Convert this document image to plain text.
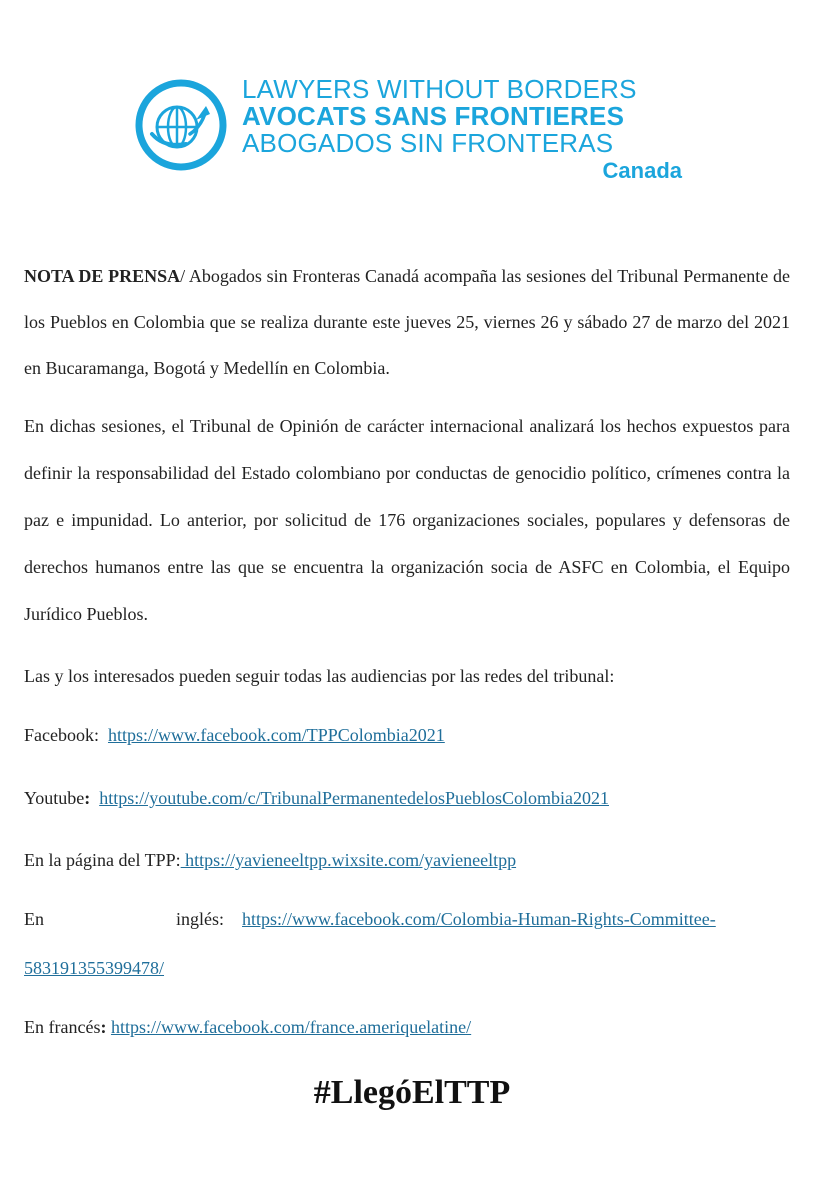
LAWYERS WITHOUT BORDERS
AVOCATS SANS FRONTIERES
ABOGADOS SIN FRONTERAS
Canada

NOTA DE PRENSA/ Abogados sin Fronteras Canadá acompaña las sesiones del Tribunal Permanente de los Pueblos en Colombia que se realiza durante este jueves 25, viernes 26 y sábado 27 de marzo del 2021 en Bucaramanga, Bogotá y Medellín en Colombia.

En dichas sesiones, el Tribunal de Opinión de carácter internacional analizará los hechos expuestos para definir la responsabilidad del Estado colombiano por conductas de genocidio político, crímenes contra la paz e impunidad. Lo anterior, por solicitud de 176 organizaciones sociales, populares y defensoras de derechos humanos entre las que se encuentra la organización socia de ASFC en Colombia, el Equipo Jurídico Pueblos.

Las y los interesados pueden seguir todas las audiencias por las redes del tribunal:

Facebook: https://www.facebook.com/TPPColombia2021

Youtube: https://youtube.com/c/TribunalPermanentedelosPueblosColombia2021

En la página del TPP: https://yavieneeltpp.wixsite.com/yavieneeltpp

En	inglés: https://www.facebook.com/Colombia-Human-Rights-Committee-

583191355399478/

En francés: https://www.facebook.com/france.ameriquelatine/

#LlegóElTTP
